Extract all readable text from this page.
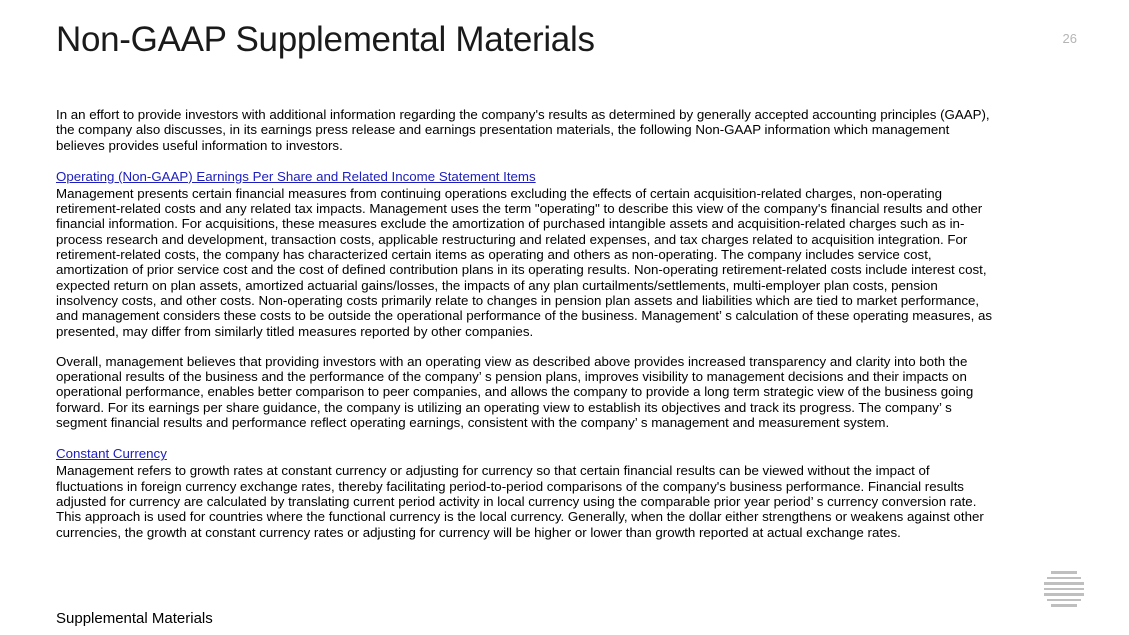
Non-GAAP Supplemental Materials	26

In an effort to provide investors with additional information regarding the company's results as determined by generally accepted accounting principles (GAAP), the company also discusses, in its earnings press release and earnings presentation materials, the following Non-GAAP information which management believes provides useful information to investors.

Operating (Non-GAAP) Earnings Per Share and Related Income Statement Items

Management presents certain financial measures from continuing operations excluding the effects of certain acquisition-related charges, non-operating retirement-related costs and any related tax impacts. Management uses the term "operating" to describe this view of the company's financial results and other financial information. For acquisitions, these measures exclude the amortization of purchased intangible assets and acquisition-related charges such as in-process research and development, transaction costs, applicable restructuring and related expenses, and tax charges related to acquisition integration. For retirement-related costs, the company has characterized certain items as operating and others as non-operating. The company includes service cost, amortization of prior service cost and the cost of defined contribution plans in its operating results. Non-operating retirement-related costs include interest cost, expected return on plan assets, amortized actuarial gains/losses, the impacts of any plan curtailments/settlements, multi-employer plan costs, pension insolvency costs, and other costs. Non-operating costs primarily relate to changes in pension plan assets and liabilities which are tied to market performance, and management considers these costs to be outside the operational performance of the business. Management’ s calculation of these operating measures, as presented, may differ from similarly titled measures reported by other companies.

Overall, management believes that providing investors with an operating view as described above provides increased transparency and clarity into both the operational results of the business and the performance of the company’ s pension plans, improves visibility to management decisions and their impacts on operational performance, enables better comparison to peer companies, and allows the company to provide a long term strategic view of the business going forward. For its earnings per share guidance, the company is utilizing an operating view to establish its objectives and track its progress. The company’ s segment financial results and performance reflect operating earnings, consistent with the company’ s management and measurement system.

Constant Currency

Management refers to growth rates at constant currency or adjusting for currency so that certain financial results can be viewed without the impact of fluctuations in foreign currency exchange rates, thereby facilitating period-to-period comparisons of the company's business performance. Financial results adjusted for currency are calculated by translating current period activity in local currency using the comparable prior year period’ s currency conversion rate. This approach is used for countries where the functional currency is the local currency. Generally, when the dollar either strengthens or weakens against other currencies, the growth at constant currency rates or adjusting for currency will be higher or lower than growth reported at actual exchange rates.

Supplemental Materials
